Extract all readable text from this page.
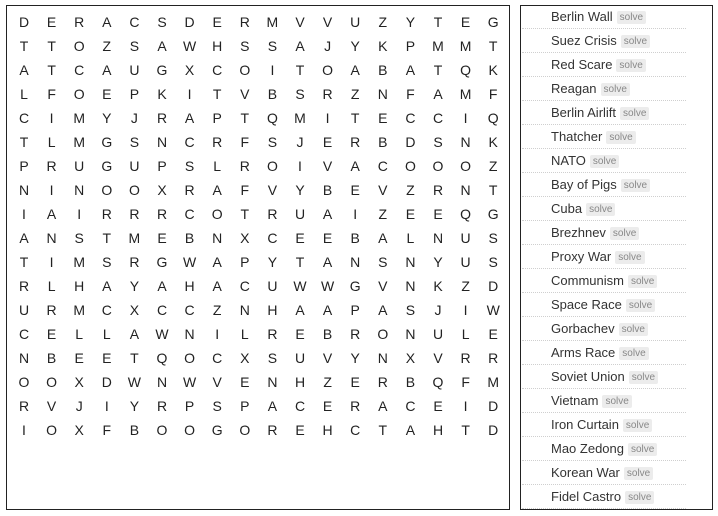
D	E	R	A	C	S	D	E	R	M	V	V	U	Z	Y	T	E	G
T	T	O	Z	S	A	W	H	S	S	A	J	Y	K	P	M	M	T
A	T	C	A	U	G	X	C	O	I	T	O	A	B	A	T	Q	K
L	F	O	E	P	K	I	T	V	B	S	R	Z	N	F	A	M	F
C	I	M	Y	J	R	A	P	T	Q	M	I	T	E	C	C	I	Q
T	L	M	G	S	N	C	R	F	S	J	E	R	B	D	S	N	K
P	R	U	G	U	P	S	L	R	O	I	V	A	C	O	O	O	Z
N	I	N	O	O	X	R	A	F	V	Y	B	E	V	Z	R	N	T
I	A	I	R	R	R	C	O	T	R	U	A	I	Z	E	E	Q	G
A	N	S	T	M	E	B	N	X	C	E	E	B	A	L	N	U	S
T	I	M	S	R	G	W	A	P	Y	T	A	N	S	N	Y	U	S
R	L	H	A	Y	A	H	A	C	U	W	W	G	V	N	K	Z	D
U	R	M	C	X	C	C	Z	N	H	A	A	P	A	S	J	I	W
C	E	L	L	A	W	N	I	L	R	E	B	R	O	N	U	L	E
N	B	E	E	T	Q	O	C	X	S	U	V	Y	N	X	V	R	R
O	O	X	D	W	N	W	V	E	N	H	Z	E	R	B	Q	F	M
R	V	J	I	Y	R	P	S	P	A	C	E	R	A	C	E	I	D
I	O	X	F	B	O	O	G	O	R	E	H	C	T	A	H	T	D
Berlin Wall solve
Suez Crisis solve
Red Scare solve
Reagan solve
Berlin Airlift solve
Thatcher solve
NATO solve
Bay of Pigs solve
Cuba solve
Brezhnev solve
Proxy War solve
Communism solve
Space Race solve
Gorbachev solve
Arms Race solve
Soviet Union solve
Vietnam solve
Iron Curtain solve
Mao Zedong solve
Korean War solve
Fidel Castro solve
